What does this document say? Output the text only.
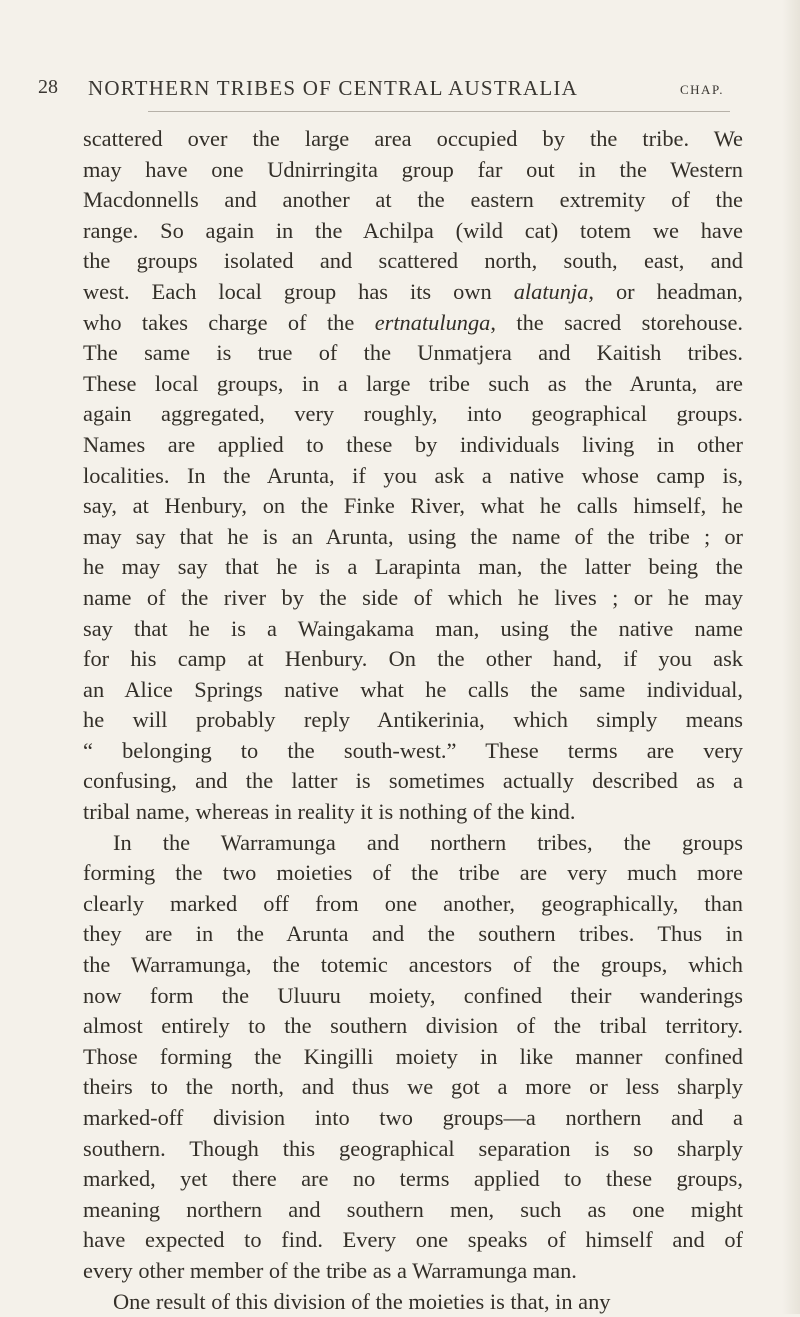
28 NORTHERN TRIBES OF CENTRAL AUSTRALIA	CHAP.
scattered over the large area occupied by the tribe. We
may have one Udnirringita group far out in the Western
Macdonnells and another at the eastern extremity of the
range. So again in the Achilpa (wild cat) totem we have
the groups isolated and scattered north, south, east, and
west. Each local group has its own alatunja, or headman,
who takes charge of the ertnatulunga, the sacred storehouse.
The same is true of the Unmatjera and Kaitish tribes.
These local groups, in a large tribe such as the Arunta, are
again aggregated, very roughly, into geographical groups.
Names are applied to these by individuals living in other
localities. In the Arunta, if you ask a native whose camp is,
say, at Henbury, on the Finke River, what he calls himself, he
may say that he is an Arunta, using the name of the tribe ; or
he may say that he is a Larapinta man, the latter being the
name of the river by the side of which he lives ; or he may
say that he is a Waingakama man, using the native name
for his camp at Henbury. On the other hand, if you ask
an Alice Springs native what he calls the same individual,
he will probably reply Antikerinia, which simply means
“ belonging to the south-west.” These terms are very
confusing, and the latter is sometimes actually described as a
tribal name, whereas in reality it is nothing of the kind.
In the Warramunga and northern tribes, the groups
forming the two moieties of the tribe are very much more
clearly marked off from one another, geographically, than
they are in the Arunta and the southern tribes. Thus in
the Warramunga, the totemic ancestors of the groups, which
now form the Uluuru moiety, confined their wanderings
almost entirely to the southern division of the tribal territory.
Those forming the Kingilli moiety in like manner confined
theirs to the north, and thus we got a more or less sharply
marked-off division into two groups—a northern and a
southern. Though this geographical separation is so sharply
marked, yet there are no terms applied to these groups,
meaning northern and southern men, such as one might
have expected to find. Every one speaks of himself and of
every other member of the tribe as a Warramunga man.
One result of this division of the moieties is that, in any
